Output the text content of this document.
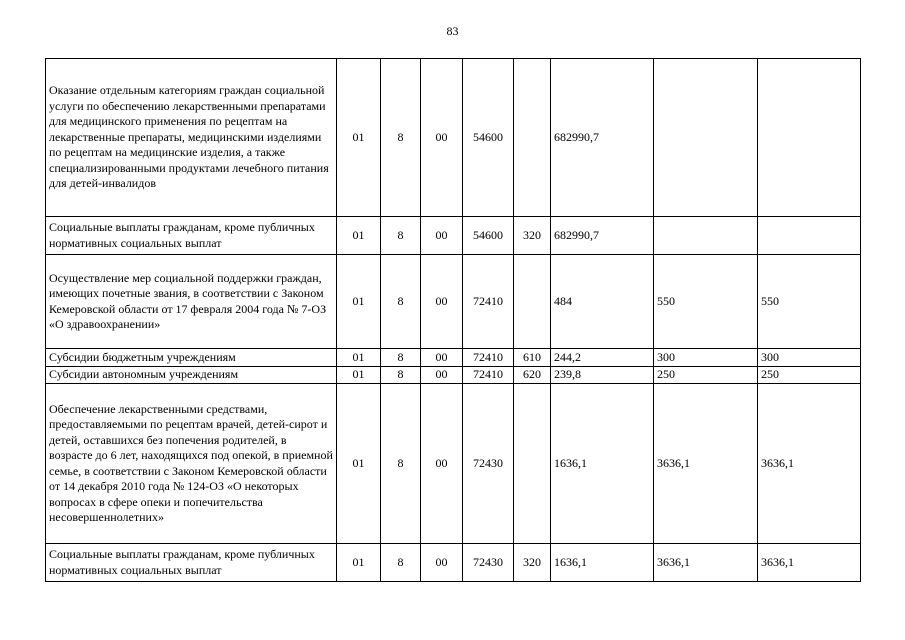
83
Оказание отдельным категориям граждан социальной услуги по обеспечению лекарственными препаратами для медицинского применения по рецептам на лекарственные препараты, медицинскими изделиями по рецептам на медицинские изделия, а также специализированными продуктами лечебного питания для детей-инвалидов	01	8	00	54600		682990,7		
Социальные выплаты гражданам, кроме публичных нормативных социальных выплат	01	8	00	54600	320	682990,7		
Осуществление мер социальной поддержки граждан, имеющих почетные звания, в соответствии с Законом Кемеровской области от 17 февраля 2004 года № 7-ОЗ «О здравоохранении»	01	8	00	72410		484	550	550
Субсидии бюджетным учреждениям	01	8	00	72410	610	244,2	300	300
Субсидии автономным учреждениям	01	8	00	72410	620	239,8	250	250
Обеспечение лекарственными средствами, предоставляемыми по рецептам врачей, детей-сирот и детей, оставшихся без попечения родителей, в возрасте до 6 лет, находящихся под опекой, в приемной семье, в соответствии с Законом Кемеровской области от 14 декабря 2010 года № 124-ОЗ «О некоторых вопросах в сфере опеки и попечительства несовершеннолетних»	01	8	00	72430		1636,1	3636,1	3636,1
Социальные выплаты гражданам, кроме публичных нормативных социальных выплат	01	8	00	72430	320	1636,1	3636,1	3636,1
